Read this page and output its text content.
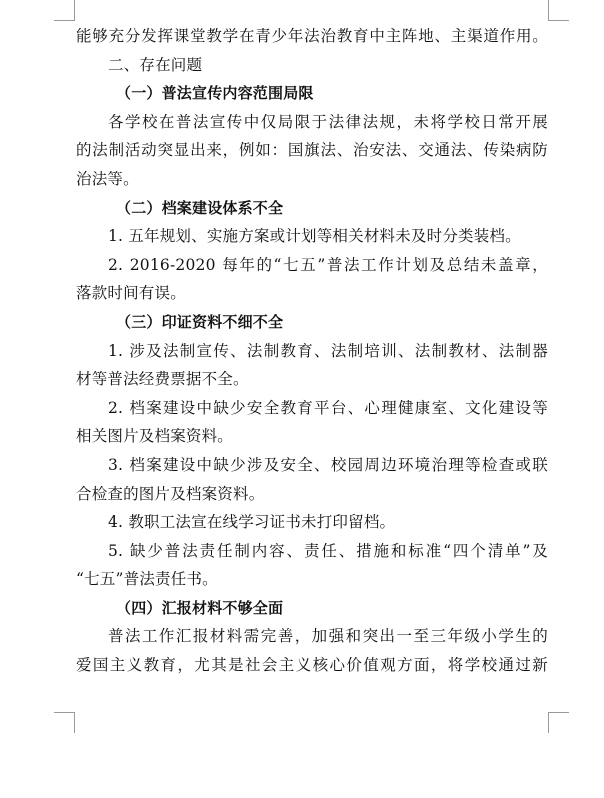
能够充分发挥课堂教学在青少年法治教育中主阵地、主渠道作用。
二、存在问题
（一）普法宣传内容范围局限
各学校在普法宣传中仅局限于法律法规，未将学校日常开展
的法制活动突显出来，例如：国旗法、治安法、交通法、传染病防
治法等。
（二）档案建设体系不全
1. 五年规划、实施方案或计划等相关材料未及时分类装档。
2. 2016-2020 每年的“七五”普法工作计划及总结未盖章，
落款时间有误。
（三）印证资料不细不全
1. 涉及法制宣传、法制教育、法制培训、法制教材、法制器
材等普法经费票据不全。
2. 档案建设中缺少安全教育平台、心理健康室、文化建设等
相关图片及档案资料。
3. 档案建设中缺少涉及安全、校园周边环境治理等检查或联
合检查的图片及档案资料。
4. 教职工法宣在线学习证书未打印留档。
5. 缺少普法责任制内容、责任、措施和标准“四个清单”及
“七五”普法责任书。
（四）汇报材料不够全面
普法工作汇报材料需完善，加强和突出一至三年级小学生的
爱国主义教育，尤其是社会主义核心价值观方面，将学校通过新
